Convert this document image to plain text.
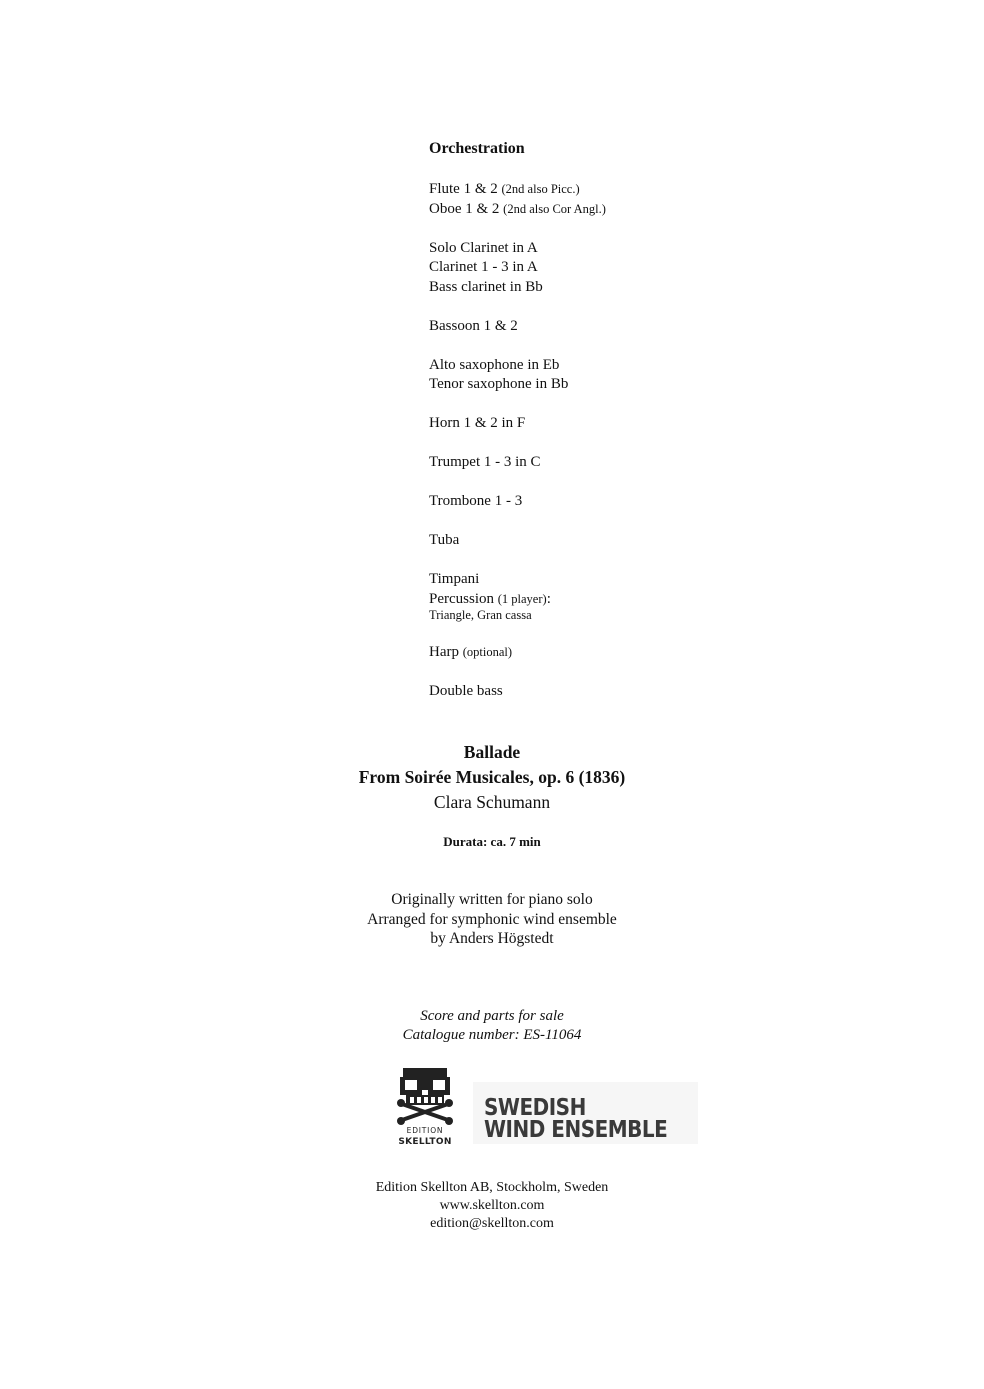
Orchestration
Flute 1 & 2 (2nd also Picc.)
Oboe 1 & 2 (2nd also Cor Angl.)
Solo Clarinet in A
Clarinet 1 - 3 in A
Bass clarinet in Bb
Bassoon 1 & 2
Alto saxophone in Eb
Tenor saxophone in Bb
Horn 1 & 2 in F
Trumpet 1 - 3 in C
Trombone 1 - 3
Tuba
Timpani
Percussion (1 player):
Triangle, Gran cassa
Harp (optional)
Double bass
Ballade
From Soirée Musicales, op. 6 (1836)
Clara Schumann
Durata: ca. 7 min
Originally written for piano solo
Arranged for symphonic wind ensemble
by Anders Högstedt
Score and parts for sale
Catalogue number: ES-11064
EDITION
SKELLTON
SWEDISH
WIND ENSEMBLE
Edition Skellton AB, Stockholm, Sweden
www.skellton.com
edition@skellton.com
